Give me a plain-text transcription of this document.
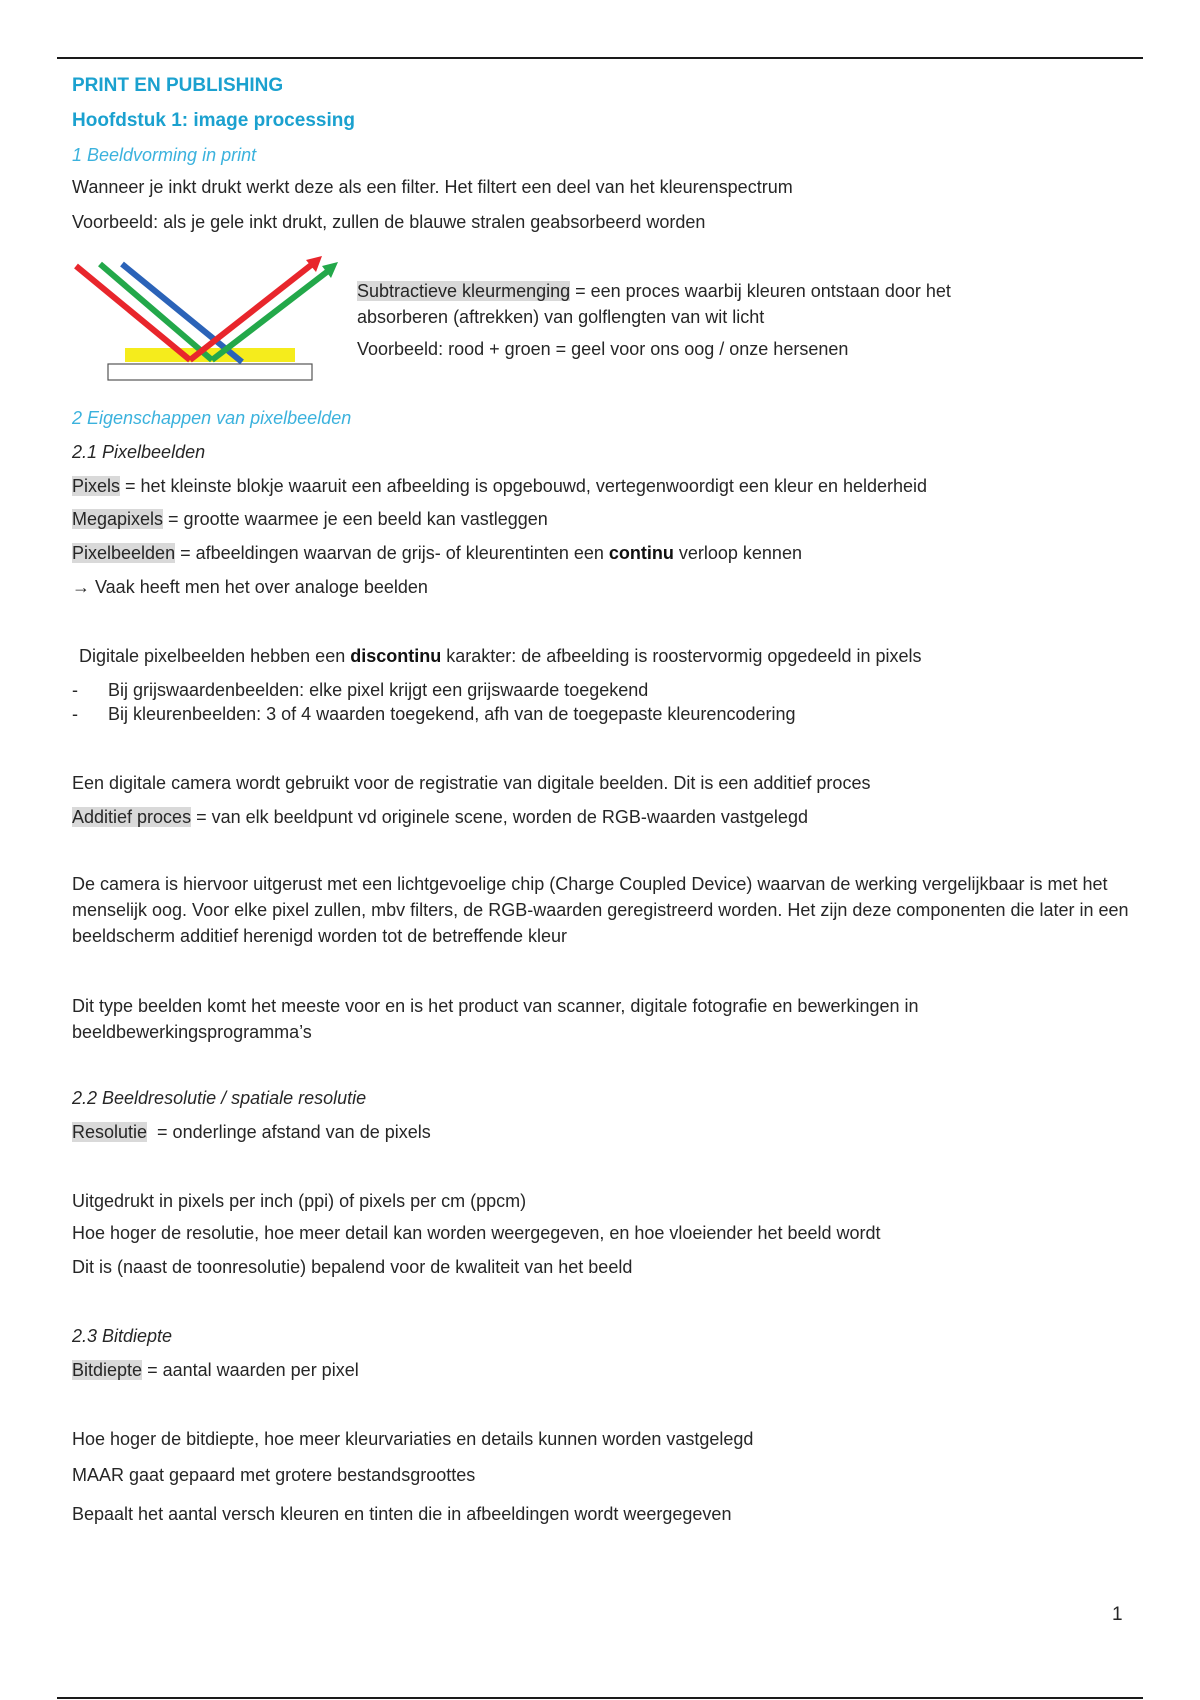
PRINT EN PUBLISHING
Hoofdstuk 1: image processing
1 Beeldvorming in print
Wanneer je inkt drukt werkt deze als een filter. Het filtert een deel van het kleurenspectrum
Voorbeeld: als je gele inkt drukt, zullen de blauwe stralen geabsorbeerd worden
Subtractieve kleurmenging = een proces waarbij kleuren ontstaan door het
absorberen (aftrekken) van golflengten van wit licht
Voorbeeld: rood + groen = geel voor ons oog / onze hersenen
2 Eigenschappen van pixelbeelden
2.1 Pixelbeelden
Pixels = het kleinste blokje waaruit een afbeelding is opgebouwd, vertegenwoordigt een kleur en helderheid
Megapixels = grootte waarmee je een beeld kan vastleggen
Pixelbeelden = afbeeldingen waarvan de grijs- of kleurentinten een continu verloop kennen
→ Vaak heeft men het over analoge beelden
Digitale pixelbeelden hebben een discontinu karakter: de afbeelding is roostervormig opgedeeld in pixels
- Bij grijswaardenbeelden: elke pixel krijgt een grijswaarde toegekend
- Bij kleurenbeelden: 3 of 4 waarden toegekend, afh van de toegepaste kleurencodering
Een digitale camera wordt gebruikt voor de registratie van digitale beelden. Dit is een additief proces
Additief proces = van elk beeldpunt vd originele scene, worden de RGB-waarden vastgelegd
De camera is hiervoor uitgerust met een lichtgevoelige chip (Charge Coupled Device) waarvan de werking vergelijkbaar is met het menselijk oog. Voor elke pixel zullen, mbv filters, de RGB-waarden geregistreerd worden. Het zijn deze componenten die later in een beeldscherm additief herenigd worden tot de betreffende kleur
Dit type beelden komt het meeste voor en is het product van scanner, digitale fotografie en bewerkingen in beeldbewerkingsprogramma’s
2.2 Beeldresolutie / spatiale resolutie
Resolutie  = onderlinge afstand van de pixels
Uitgedrukt in pixels per inch (ppi) of pixels per cm (ppcm)
Hoe hoger de resolutie, hoe meer detail kan worden weergegeven, en hoe vloeiender het beeld wordt
Dit is (naast de toonresolutie) bepalend voor de kwaliteit van het beeld
2.3 Bitdiepte
Bitdiepte = aantal waarden per pixel
Hoe hoger de bitdiepte, hoe meer kleurvariaties en details kunnen worden vastgelegd
MAAR gaat gepaard met grotere bestandsgroottes
Bepaalt het aantal versch kleuren en tinten die in afbeeldingen wordt weergegeven
1
